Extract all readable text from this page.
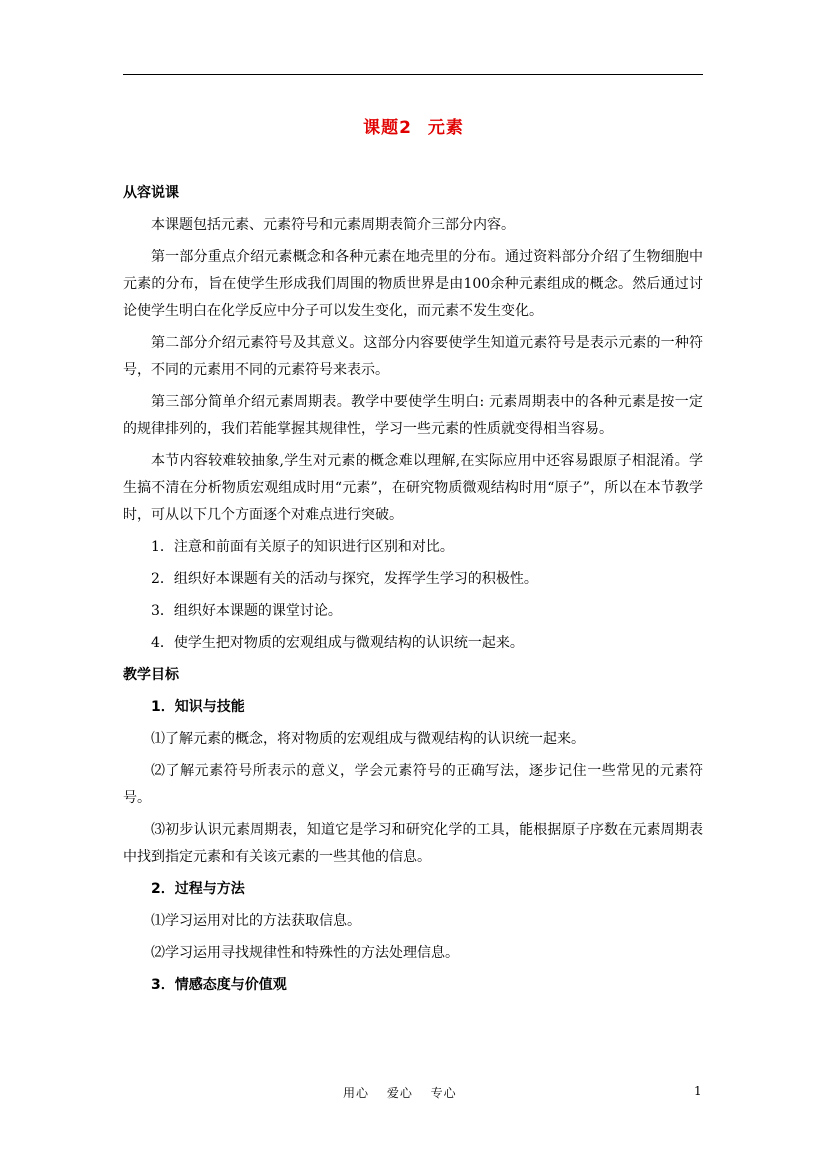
课题2 元素

从容说课

本课题包括元素、元素符号和元素周期表简介三部分内容。

第一部分重点介绍元素概念和各种元素在地壳里的分布。通过资料部分介绍了生物细胞中元素的分布，旨在使学生形成我们周围的物质世界是由100余种元素组成的概念。然后通过讨论使学生明白在化学反应中分子可以发生变化，而元素不发生变化。

第二部分介绍元素符号及其意义。这部分内容要使学生知道元素符号是表示元素的一种符号，不同的元素用不同的元素符号来表示。

第三部分简单介绍元素周期表。教学中要使学生明白: 元素周期表中的各种元素是按一定的规律排列的，我们若能掌握其规律性，学习一些元素的性质就变得相当容易。

本节内容较难较抽象,学生对元素的概念难以理解,在实际应用中还容易跟原子相混淆。学生搞不清在分析物质宏观组成时用“元素”，在研究物质微观结构时用“原子”，所以在本节教学时，可从以下几个方面逐个对难点进行突破。

1．注意和前面有关原子的知识进行区别和对比。

2．组织好本课题有关的活动与探究，发挥学生学习的积极性。

3．组织好本课题的课堂讨论。

4．使学生把对物质的宏观组成与微观结构的认识统一起来。

教学目标

1．知识与技能

⑴了解元素的概念，将对物质的宏观组成与微观结构的认识统一起来。

⑵了解元素符号所表示的意义，学会元素符号的正确写法，逐步记住一些常见的元素符号。

⑶初步认识元素周期表，知道它是学习和研究化学的工具，能根据原子序数在元素周期表中找到指定元素和有关该元素的一些其他的信息。

2．过程与方法

⑴学习运用对比的方法获取信息。

⑵学习运用寻找规律性和特殊性的方法处理信息。

3．情感态度与价值观

用心　 爱心　 专心	1
